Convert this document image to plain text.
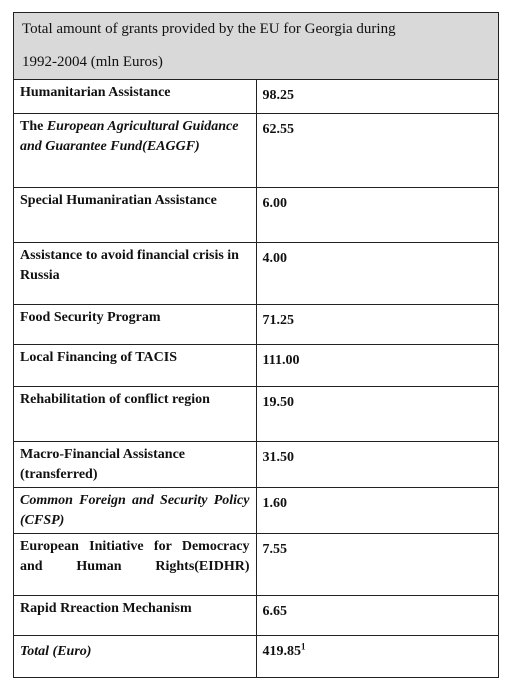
Total amount of grants provided by the EU for Georgia during
1992-2004 (mln Euros)	

Humanitarian Assistance	98.25
The European Agricultural Guidance and Guarantee Fund(EAGGF)	62.55
Special Humaniratian Assistance	6.00
Assistance to avoid financial crisis in Russia	4.00
Food Security Program	71.25
Local Financing of TACIS	111.00
Rehabilitation of conflict region	19.50
Macro-Financial Assistance (transferred)	31.50
Common Foreign and Security Policy (CFSP)	1.60
European Initiative for Democracy and Human Rights(EIDHR)	7.55
Rapid Rreaction Mechanism	6.65
Total (Euro)	419.85$^1$
